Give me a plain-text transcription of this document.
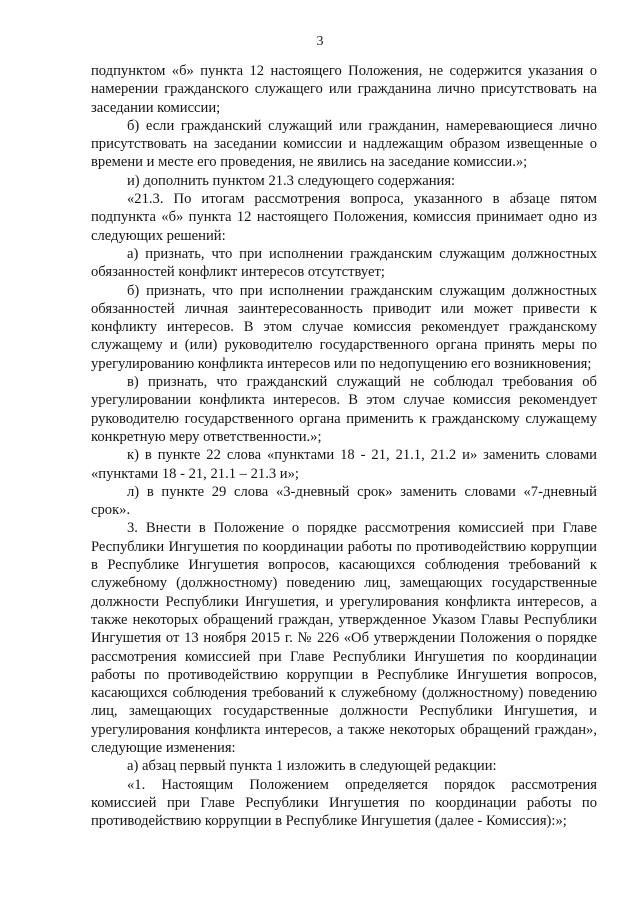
3

подпунктом «б» пункта 12 настоящего Положения, не содержится указания о намерении гражданского служащего или гражданина лично присутствовать на заседании комиссии;

б) если гражданский служащий или гражданин, намеревающиеся лично присутствовать на заседании комиссии и надлежащим образом извещенные о времени и месте его проведения, не явились на заседание комиссии.»;

и) дополнить пунктом 21.3 следующего содержания:

«21.3. По итогам рассмотрения вопроса, указанного в абзаце пятом подпункта «б» пункта 12 настоящего Положения, комиссия принимает одно из следующих решений:

а) признать, что при исполнении гражданским служащим должностных обязанностей конфликт интересов отсутствует;

б) признать, что при исполнении гражданским служащим должностных обязанностей личная заинтересованность приводит или может привести к конфликту интересов. В этом случае комиссия рекомендует гражданскому служащему и (или) руководителю государственного органа принять меры по урегулированию конфликта интересов или по недопущению его возникновения;

в) признать, что гражданский служащий не соблюдал требования об урегулировании конфликта интересов. В этом случае комиссия рекомендует руководителю государственного органа применить к гражданскому служащему конкретную меру ответственности.»;

к) в пункте 22 слова «пунктами 18 - 21, 21.1, 21.2 и» заменить словами «пунктами 18 - 21, 21.1 – 21.3 и»;

л) в пункте 29 слова «3-дневный срок» заменить словами «7-дневный срок».

3. Внести в Положение о порядке рассмотрения комиссией при Главе Республики Ингушетия по координации работы по противодействию коррупции в Республике Ингушетия вопросов, касающихся соблюдения требований к служебному (должностному) поведению лиц, замещающих государственные должности Республики Ингушетия, и урегулирования конфликта интересов, а также некоторых обращений граждан, утвержденное Указом Главы Республики Ингушетия от 13 ноября 2015 г. № 226 «Об утверждении Положения о порядке рассмотрения комиссией при Главе Республики Ингушетия по координации работы по противодействию коррупции в Республике Ингушетия вопросов, касающихся соблюдения требований к служебному (должностному) поведению лиц, замещающих государственные должности Республики Ингушетия, и урегулирования конфликта интересов, а также некоторых обращений граждан», следующие изменения:

а) абзац первый пункта 1 изложить в следующей редакции:

«1. Настоящим Положением определяется порядок рассмотрения комиссией при Главе Республики Ингушетия по координации работы по противодействию коррупции в Республике Ингушетия (далее - Комиссия):»;
